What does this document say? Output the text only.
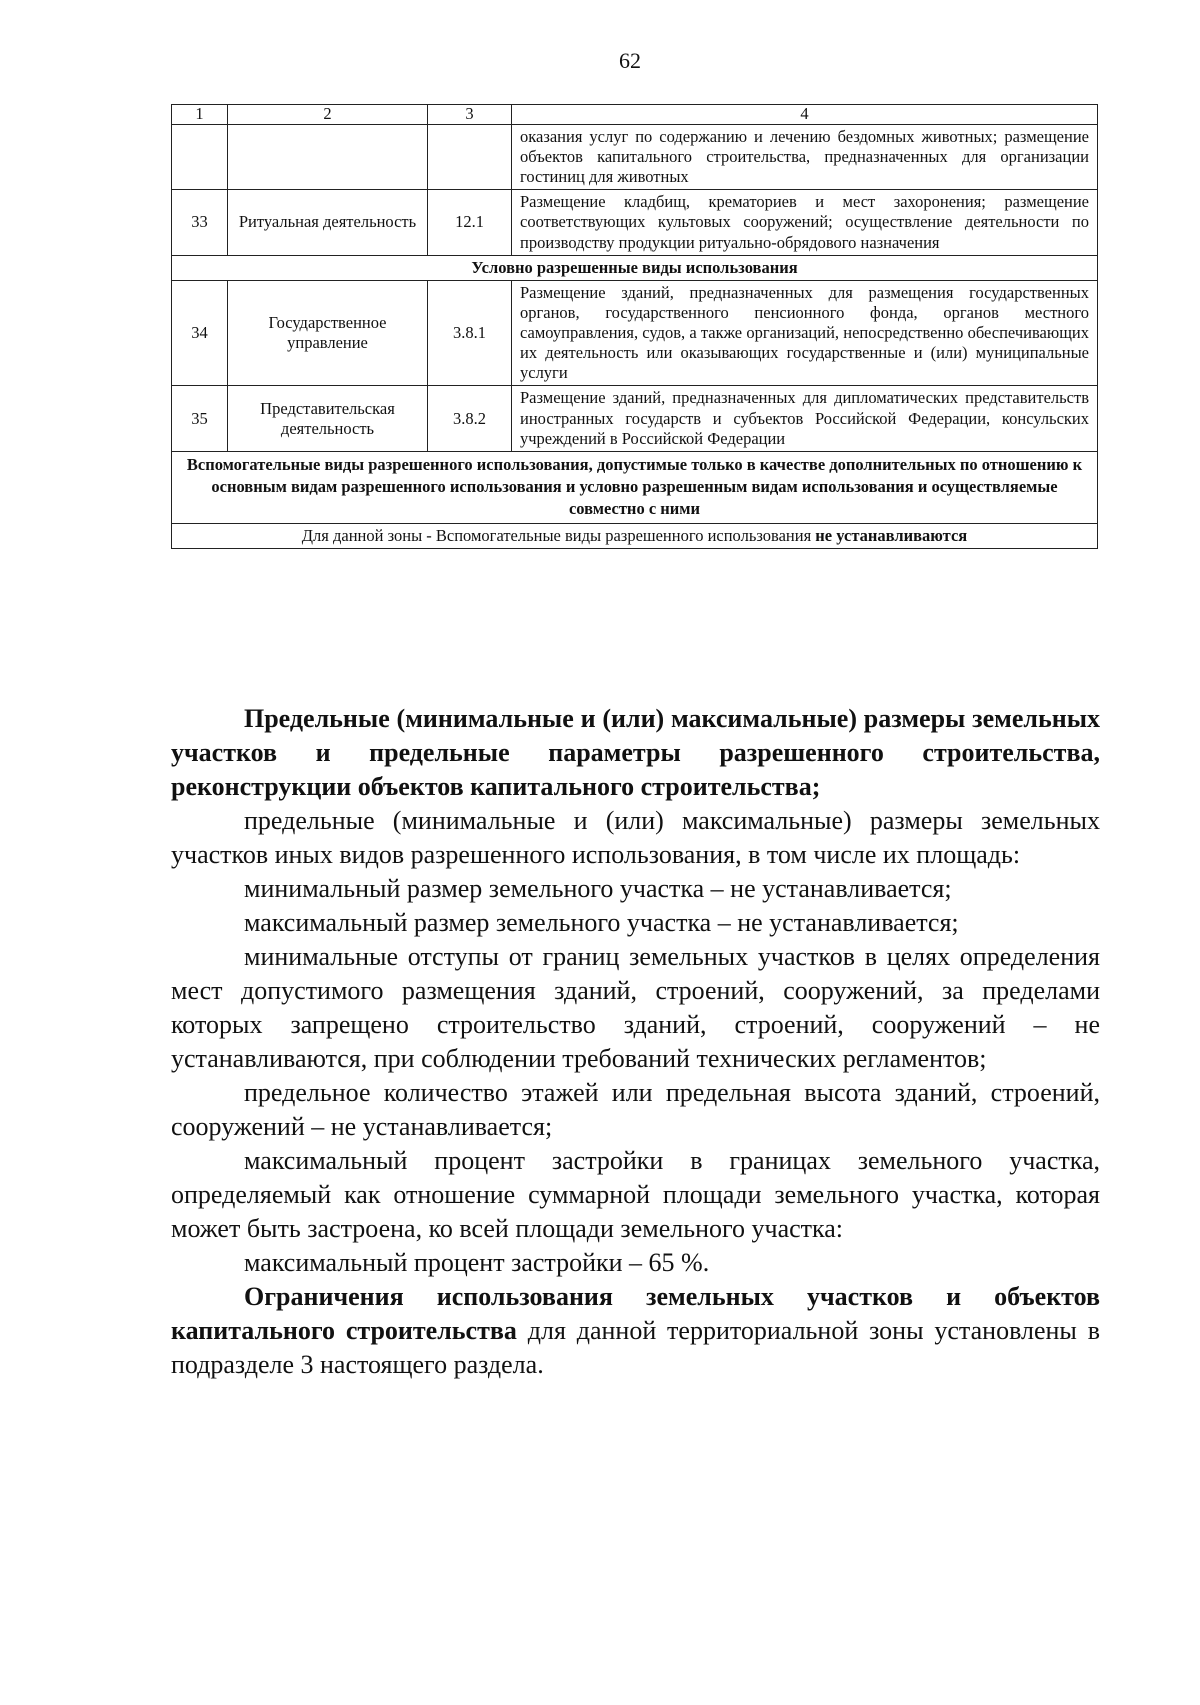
62
1	2	3	4
			оказания услуг по содержанию и лечению бездомных животных; размещение объектов капитального строительства, предназначенных для организации гостиниц для животных
33	Ритуальная деятельность	12.1	Размещение кладбищ, крематориев и мест захоронения; размещение соответствующих культовых сооружений; осуществление деятельности по производству продукции ритуально-обрядового назначения
Условно разрешенные виды использования			
34	Государственное управление	3.8.1	Размещение зданий, предназначенных для размещения государственных органов, государственного пенсионного фонда, органов местного самоуправления, судов, а также организаций, непосредственно обеспечивающих их деятельность или оказывающих государственные и (или) муниципальные услуги
35	Представительская деятельность	3.8.2	Размещение зданий, предназначенных для дипломатических представительств иностранных государств и субъектов Российской Федерации, консульских учреждений в Российской Федерации
Вспомогательные виды разрешенного использования, допустимые только в качестве дополнительных по отношению к основным видам разрешенного использования и условно разрешенным видам использования и осуществляемые совместно с ними			
Для данной зоны - Вспомогательные виды разрешенного использования не устанавливаются			

Предельные (минимальные и (или) максимальные) размеры земельных участков и предельные параметры разрешенного строительства, реконструкции объектов капитального строительства;

предельные (минимальные и (или) максимальные) размеры земельных участков иных видов разрешенного использования, в том числе их площадь:

минимальный размер земельного участка – не устанавливается;

максимальный размер земельного участка – не устанавливается;

минимальные отступы от границ земельных участков в целях определения мест допустимого размещения зданий, строений, сооружений, за пределами которых запрещено строительство зданий, строений, сооружений – не устанавливаются, при соблюдении требований технических регламентов;

предельное количество этажей или предельная высота зданий, строений, сооружений – не устанавливается;

максимальный процент застройки в границах земельного участка, определяемый как отношение суммарной площади земельного участка, которая может быть застроена, ко всей площади земельного участка:

максимальный процент застройки – 65 %.

Ограничения использования земельных участков и объектов капитального строительства для данной территориальной зоны установлены в подразделе 3 настоящего раздела.
